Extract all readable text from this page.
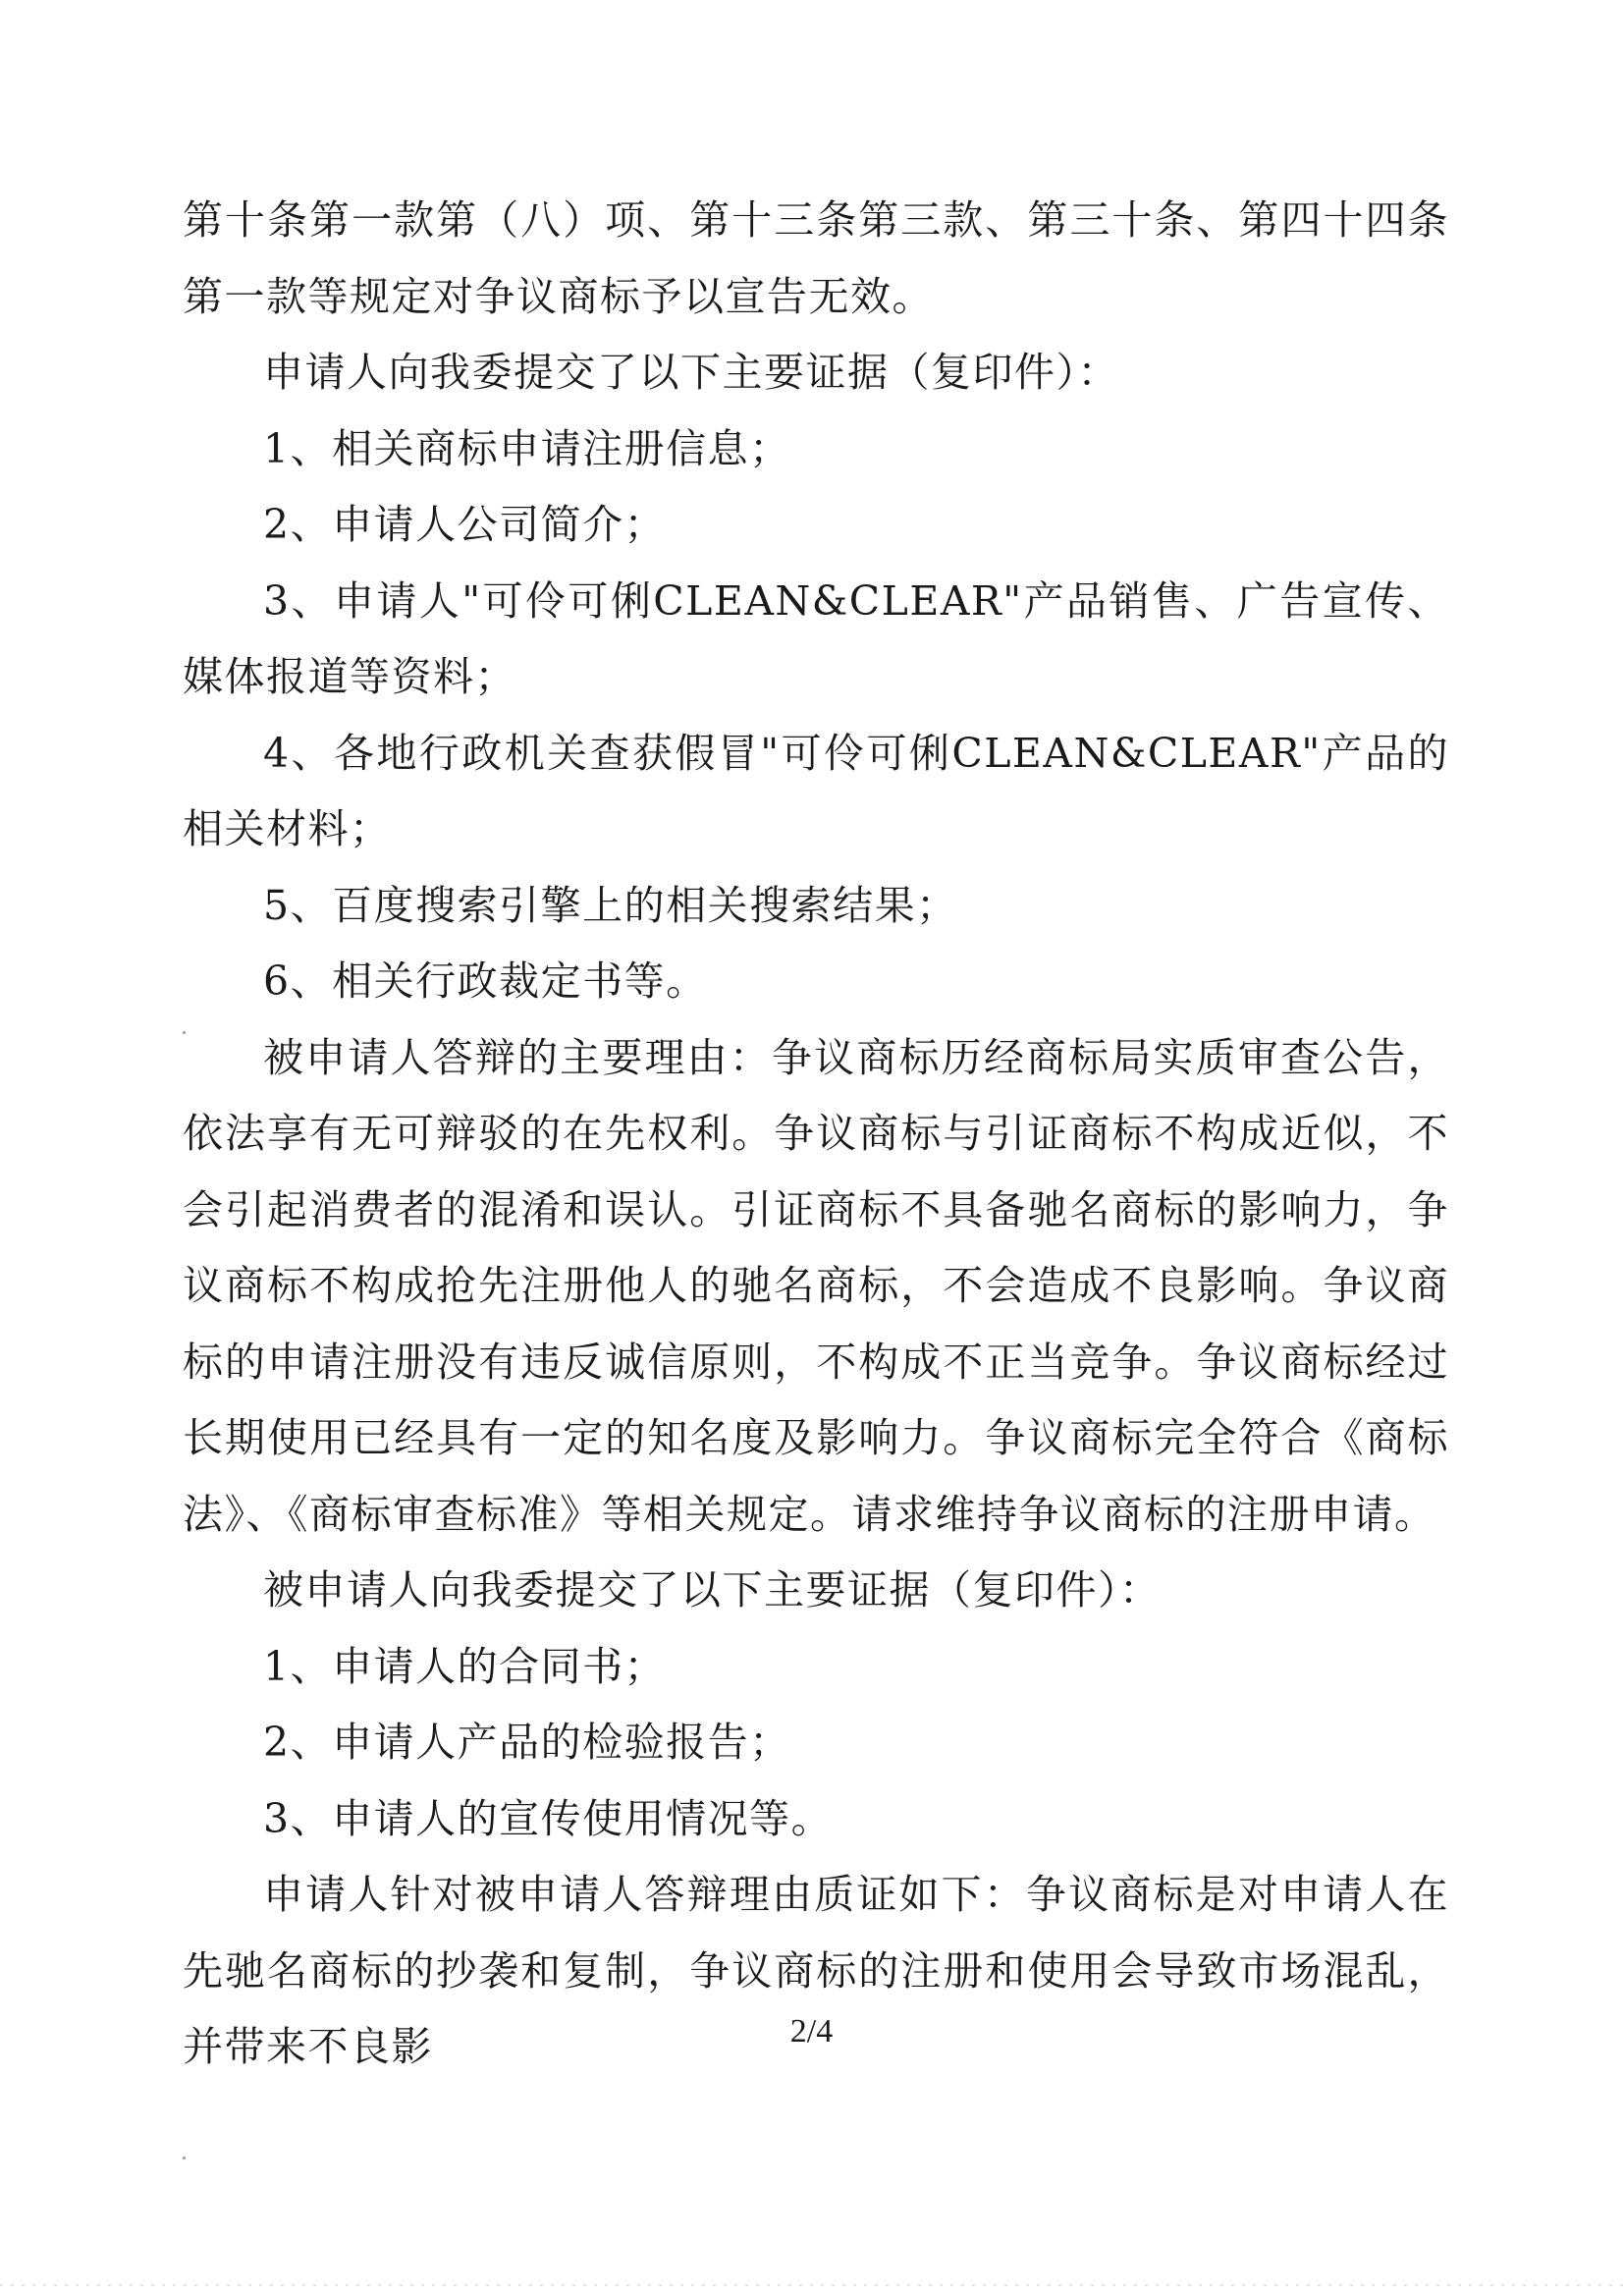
第十条第一款第（八）项、第十三条第三款、第三十条、第四十四条第一款等规定对争议商标予以宣告无效。

申请人向我委提交了以下主要证据（复印件）：

1、相关商标申请注册信息；

2、申请人公司简介；

3、申请人"可伶可俐CLEAN&CLEAR"产品销售、广告宣传、媒体报道等资料；

4、各地行政机关查获假冒"可伶可俐CLEAN&CLEAR"产品的相关材料；

5、百度搜索引擎上的相关搜索结果；

6、相关行政裁定书等。

被申请人答辩的主要理由：争议商标历经商标局实质审查公告，依法享有无可辩驳的在先权利。争议商标与引证商标不构成近似，不会引起消费者的混淆和误认。引证商标不具备驰名商标的影响力，争议商标不构成抢先注册他人的驰名商标，不会造成不良影响。争议商标的申请注册没有违反诚信原则，不构成不正当竞争。争议商标经过长期使用已经具有一定的知名度及影响力。争议商标完全符合《商标法》、《商标审查标准》等相关规定。请求维持争议商标的注册申请。

被申请人向我委提交了以下主要证据（复印件）：

1、申请人的合同书；

2、申请人产品的检验报告；

3、申请人的宣传使用情况等。

申请人针对被申请人答辩理由质证如下：争议商标是对申请人在先驰名商标的抄袭和复制，争议商标的注册和使用会导致市场混乱，并带来不良影	2/4
